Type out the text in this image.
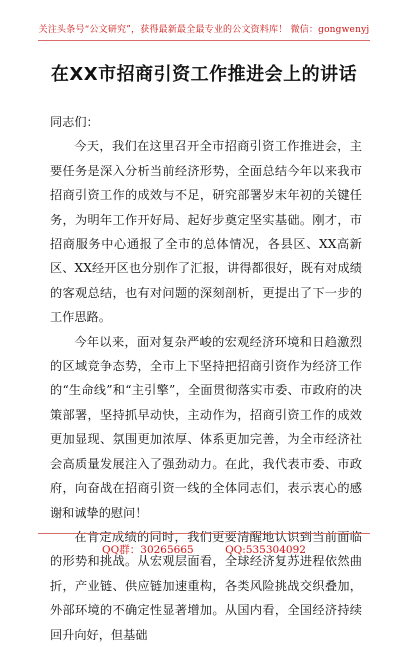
关注头条号“公文研究”，获得最新最全最专业的公文资料库！ 微信：gongwenyj
在XX市招商引资工作推进会上的讲话

同志们：

今天，我们在这里召开全市招商引资工作推进会，主要任务是深入分析当前经济形势，全面总结今年以来我市招商引资工作的成效与不足，研究部署岁末年初的关键任务，为明年工作开好局、起好步奠定坚实基础。刚才，市招商服务中心通报了全市的总体情况，各县区、XX高新区、XX经开区也分别作了汇报，讲得都很好，既有对成绩的客观总结，也有对问题的深刻剖析，更提出了下一步的工作思路。

今年以来，面对复杂严峻的宏观经济环境和日趋激烈的区域竞争态势，全市上下坚持把招商引资作为经济工作的“生命线”和“主引擎”，全面贯彻落实市委、市政府的决策部署，坚持抓早动快，主动作为，招商引资工作的成效更加显现、氛围更加浓厚、体系更加完善，为全市经济社会高质量发展注入了强劲动力。在此，我代表市委、市政府，向奋战在招商引资一线的全体同志们，表示衷心的感谢和诚挚的慰问！

在肯定成绩的同时，我们更要清醒地认识到当前面临的形势和挑战。从宏观层面看，全球经济复苏进程依然曲折，产业链、供应链加速重构，各类风险挑战交织叠加，外部环境的不确定性显著增加。从国内看，全国经济持续回升向好，但基础

QQ群：30265665	QQ:535304092
